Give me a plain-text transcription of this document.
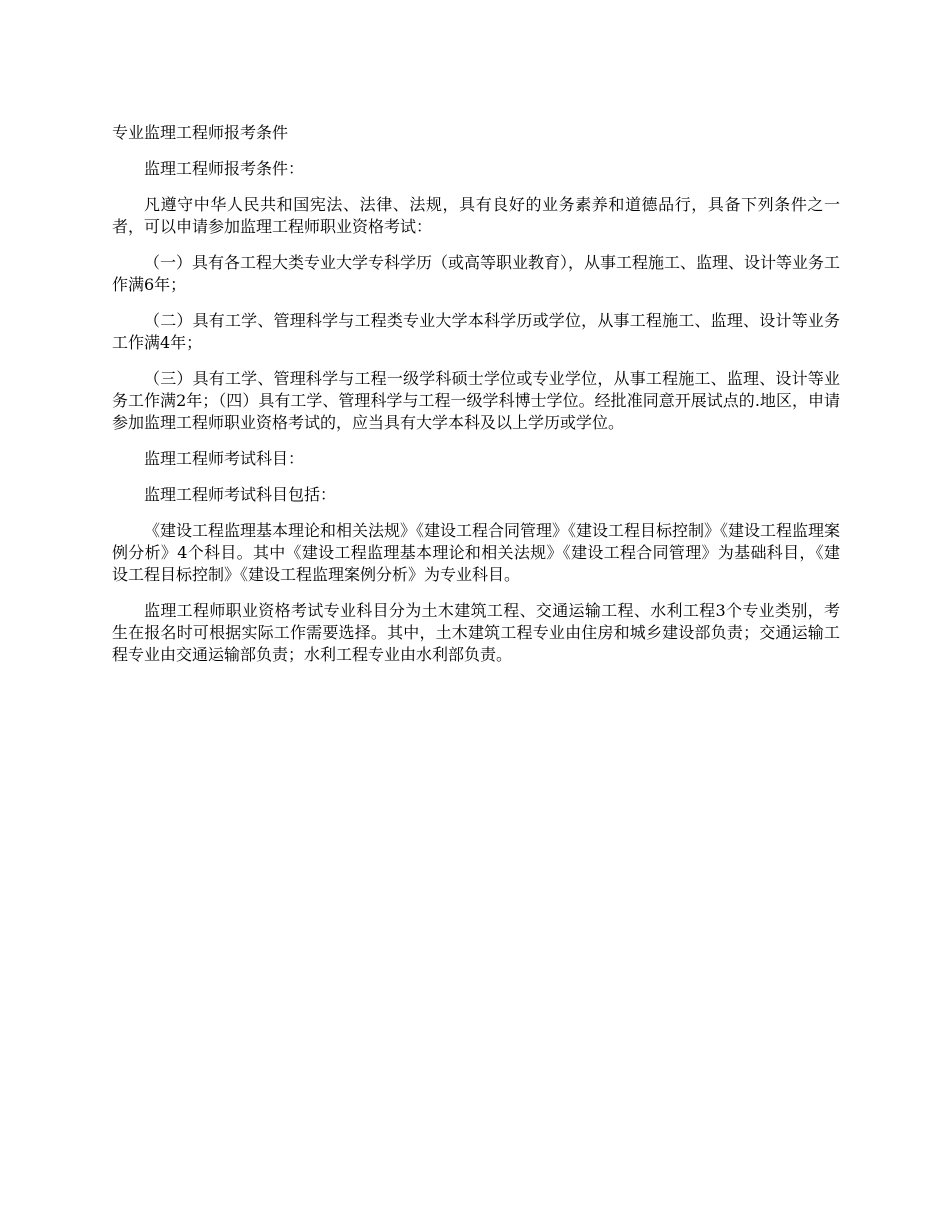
专业监理工程师报考条件

监理工程师报考条件：

凡遵守中华人民共和国宪法、法律、法规，具有良好的业务素养和道德品行，具备下列条件之一者，可以申请参加监理工程师职业资格考试：

（一）具有各工程大类专业大学专科学历（或高等职业教育），从事工程施工、监理、设计等业务工作满6年；

（二）具有工学、管理科学与工程类专业大学本科学历或学位，从事工程施工、监理、设计等业务工作满4年；

（三）具有工学、管理科学与工程一级学科硕士学位或专业学位，从事工程施工、监理、设计等业务工作满2年；（四）具有工学、管理科学与工程一级学科博士学位。经批准同意开展试点的.地区，申请参加监理工程师职业资格考试的，应当具有大学本科及以上学历或学位。

监理工程师考试科目：

监理工程师考试科目包括：

《建设工程监理基本理论和相关法规》《建设工程合同管理》《建设工程目标控制》《建设工程监理案例分析》4个科目。其中《建设工程监理基本理论和相关法规》《建设工程合同管理》为基础科目，《建设工程目标控制》《建设工程监理案例分析》为专业科目。

监理工程师职业资格考试专业科目分为土木建筑工程、交通运输工程、水利工程3个专业类别，考生在报名时可根据实际工作需要选择。其中，土木建筑工程专业由住房和城乡建设部负责；交通运输工程专业由交通运输部负责；水利工程专业由水利部负责。
